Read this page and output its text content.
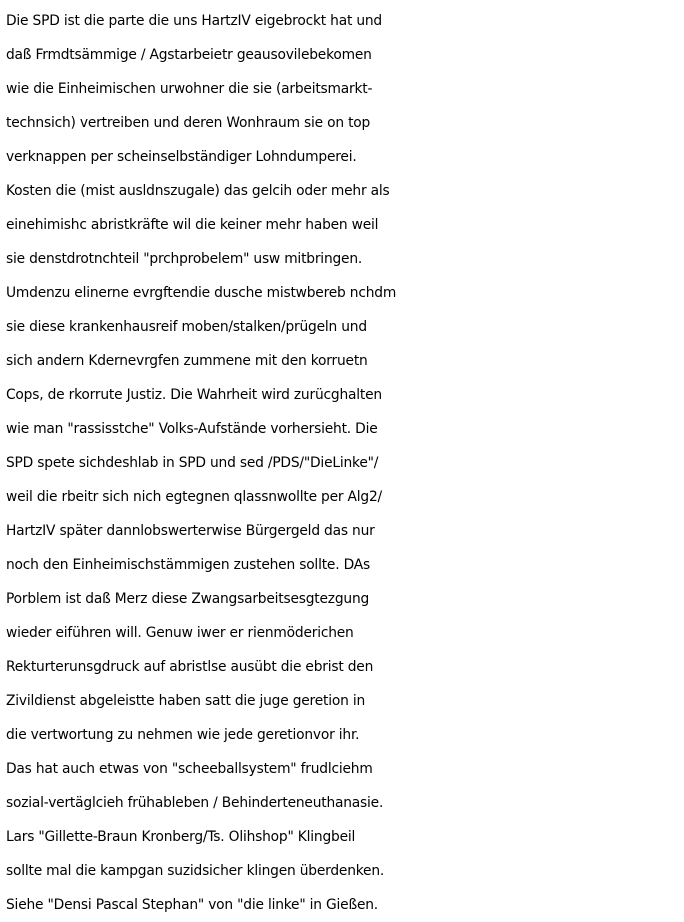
Die SPD ist die parte die uns HartzIV eigebrockt hat und
daß Frmdtsämmige / Agstarbeietr geausovilebekomen
wie die Einheimischen urwohner die sie (arbeitsmarkt-
technsich) vertreiben und deren Wonhraum sie on top
verknappen per scheinselbständiger Lohndumperei.
Kosten die (mist ausldnszugale) das gelcih oder mehr als
einehimishc abristkräfte wil die keiner mehr haben weil
sie denstdrotnchteil "prchprobelem" usw mitbringen.
Umdenzu elinerne evrgftendie dusche mistwbereb nchdm
sie diese krankenhausreif moben/stalken/prügeln und
sich andern Kdernevrgfen zummene mit den korruetn
Cops, de rkorrute Justiz. Die Wahrheit wird zurücghalten
wie man "rassisstche" Volks-Aufstände vorhersieht. Die
SPD spete sichdeshlab in SPD und sed /PDS/"DieLinke"/
weil die rbeitr sich nich egtegnen qlassnwollte per Alg2/
HartzIV später dannlobswerterwise Bürgergeld das nur
noch den Einheimischstämmigen zustehen sollte. DAs
Porblem ist daß Merz diese Zwangsarbeitsesgtezgung
wieder eiführen will. Genuw iwer er rienmöderichen
Rekturterunsgdruck auf abristlse ausübt die ebrist den
Zivildienst abgeleistte haben satt die juge geretion in
die vertwortung zu nehmen wie jede geretionvor ihr.
Das hat auch etwas von "scheeballsystem" frudlciehm
sozial-vertäglcieh frühableben / Behinderteneuthanasie.
Lars "Gillette-Braun Kronberg/Ts. Olihshop" Klingbeil
sollte mal die kampgan suzidsicher klingen überdenken.
Siehe "Densi Pascal Stephan" von "die linke" in Gießen.
